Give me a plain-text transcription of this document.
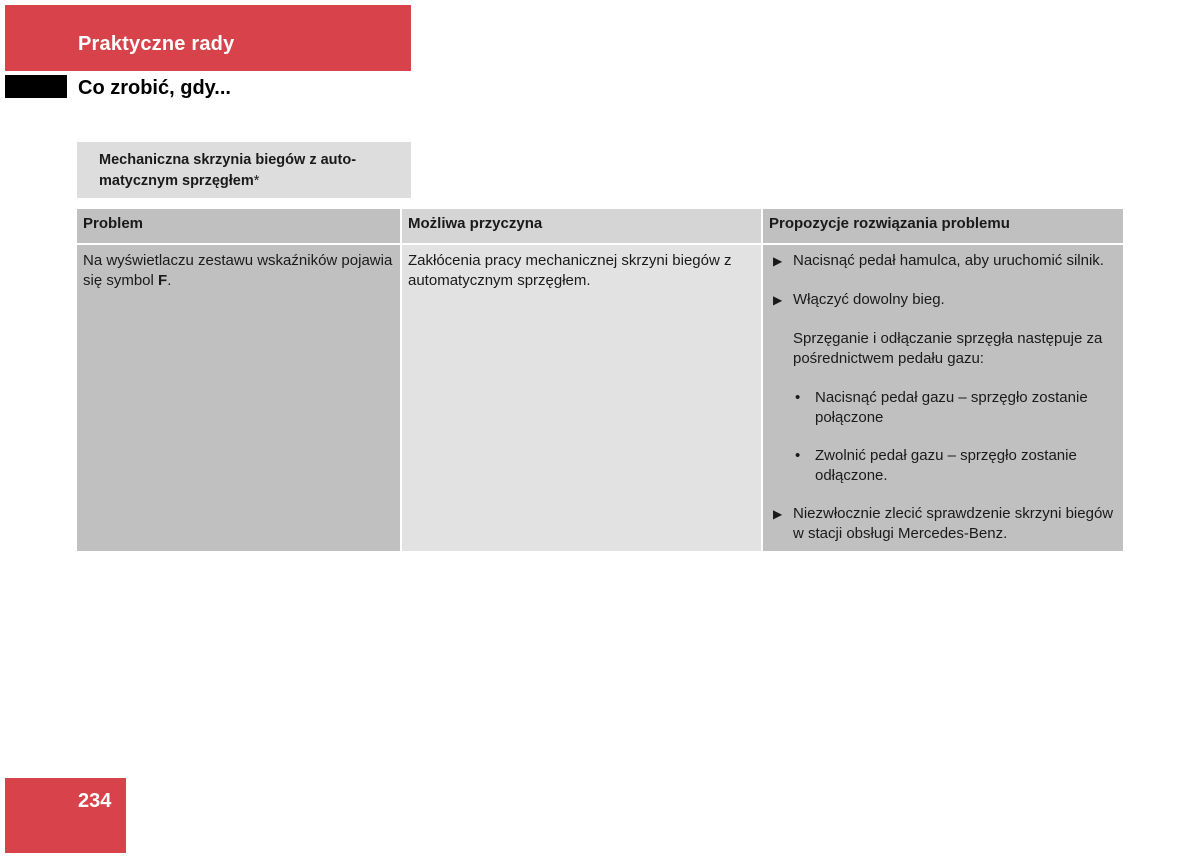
Praktyczne rady
Co zrobić, gdy...
Mechaniczna skrzynia biegów z auto-
matycznym sprzęgłem*
Problem
Na wyświetlaczu zestawu wskaźników pojawia się symbol F.
Możliwa przyczyna
Zakłócenia pracy mechanicznej skrzyni biegów z automatycznym sprzęgłem.
Propozycje rozwiązania problemu
▶ Nacisnąć pedał hamulca, aby uruchomić silnik.
▶ Włączyć dowolny bieg.
Sprzęganie i odłączanie sprzęgła następuje za pośrednictwem pedału gazu:
• Nacisnąć pedał gazu – sprzęgło zostanie połączone
• Zwolnić pedał gazu – sprzęgło zostanie odłączone.
▶ Niezwłocznie zlecić sprawdzenie skrzyni biegów w stacji obsługi Mercedes-Benz.
234
